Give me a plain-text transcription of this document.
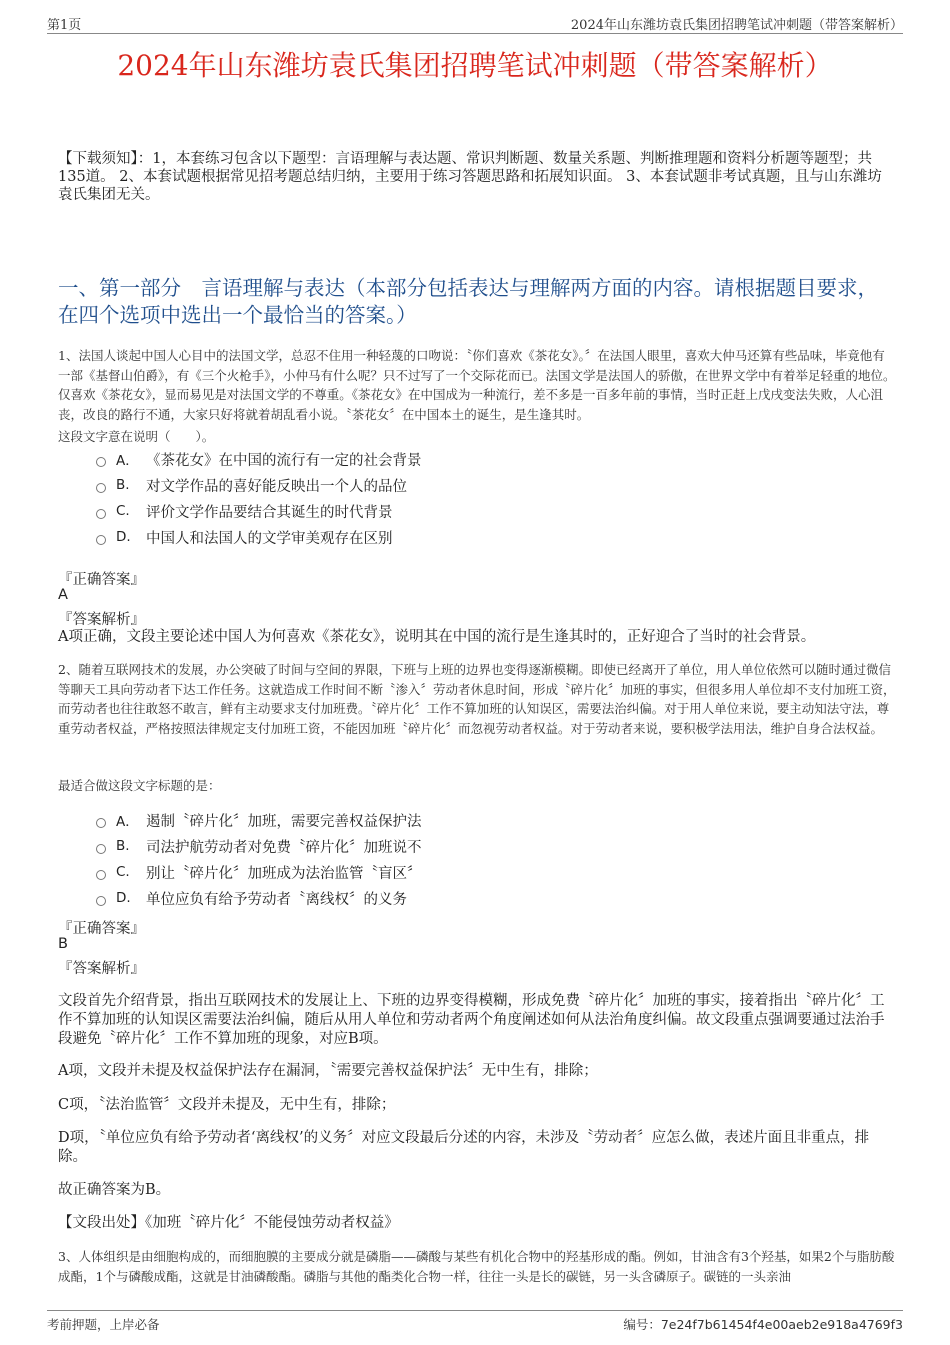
第1页	2024年山东潍坊袁氏集团招聘笔试冲刺题（带答案解析）
2024年山东潍坊袁氏集团招聘笔试冲刺题（带答案解析）

【下载须知】：1，本套练习包含以下题型：言语理解与表达题、常识判断题、数量关系题、判断推理题和资料分析题等题型；共135道。 2、本套试题根据常见招考题总结归纳，主要用于练习答题思路和拓展知识面。 3、本套试题非考试真题，且与山东潍坊袁氏集团无关。

一、第一部分　言语理解与表达（本部分包括表达与理解两方面的内容。请根据题目要求，在四个选项中选出一个最恰当的答案。）

1、法国人谈起中国人心目中的法国文学，总忍不住用一种轻蔑的口吻说：〝你们喜欢《茶花女》。〞在法国人眼里，喜欢大仲马还算有些品味，毕竟他有一部《基督山伯爵》，有《三个火枪手》，小仲马有什么呢？只不过写了一个交际花而已。法国文学是法国人的骄傲，在世界文学中有着举足轻重的地位。仅喜欢《茶花女》，显而易见是对法国文学的不尊重。《茶花女》在中国成为一种流行，差不多是一百多年前的事情，当时正赶上戊戌变法失败，人心沮丧，改良的路行不通，大家只好将就着胡乱看小说。〝茶花女〞在中国本土的诞生，是生逢其时。

这段文字意在说明（　　）。

A． 《茶花女》在中国的流行有一定的社会背景
B.	对文学作品的喜好能反映出一个人的品位
C.	评价文学作品要结合其诞生的时代背景
D.	中国人和法国人的文学审美观存在区别
『正确答案』
A
『答案解析』

A项正确，文段主要论述中国人为何喜欢《茶花女》，说明其在中国的流行是生逢其时的，正好迎合了当时的社会背景。

2、随着互联网技术的发展，办公突破了时间与空间的界限，下班与上班的边界也变得逐渐模糊。即使已经离开了单位，用人单位依然可以随时通过微信等聊天工具向劳动者下达工作任务。这就造成工作时间不断〝渗入〞劳动者休息时间，形成〝碎片化〞加班的事实，但很多用人单位却不支付加班工资，而劳动者也往往敢怒不敢言，鲜有主动要求支付加班费。〝碎片化〞工作不算加班的认知误区，需要法治纠偏。对于用人单位来说，要主动知法守法，尊重劳动者权益，严格按照法律规定支付加班工资，不能因加班〝碎片化〞而忽视劳动者权益。对于劳动者来说，要积极学法用法，维护自身合法权益。

最适合做这段文字标题的是：

A． 遏制〝碎片化〞加班，需要完善权益保护法
B.	司法护航劳动者对免费〝碎片化〞加班说不
C.	别让〝碎片化〞加班成为法治监管〝盲区〞
D.	单位应负有给予劳动者〝离线权〞的义务
『正确答案』
B
『答案解析』

文段首先介绍背景，指出互联网技术的发展让上、下班的边界变得模糊，形成免费〝碎片化〞加班的事实，接着指出〝碎片化〞工作不算加班的认知误区需要法治纠偏，随后从用人单位和劳动者两个角度阐述如何从法治角度纠偏。故文段重点强调要通过法治手段避免〝碎片化〞工作不算加班的现象，对应B项。

A项，文段并未提及权益保护法存在漏洞，〝需要完善权益保护法〞无中生有，排除；

C项，〝法治监管〞文段并未提及，无中生有，排除；

D项，〝单位应负有给予劳动者‘离线权’的义务〞对应文段最后分述的内容，未涉及〝劳动者〞应怎么做，表述片面且非重点，排除。

故正确答案为B。

【文段出处】《加班〝碎片化〞不能侵蚀劳动者权益》

3、人体组织是由细胞构成的，而细胞膜的主要成分就是磷脂——磷酸与某些有机化合物中的羟基形成的酯。例如，甘油含有3个羟基，如果2个与脂肪酸成酯，1个与磷酸成酯，这就是甘油磷酸酯。磷脂与其他的酯类化合物一样，往往一头是长的碳链，另一头含磷原子。碳链的一头亲油

考前押题，上岸必备	编号：7e24f7b61454f4e00aeb2e918a4769f3
